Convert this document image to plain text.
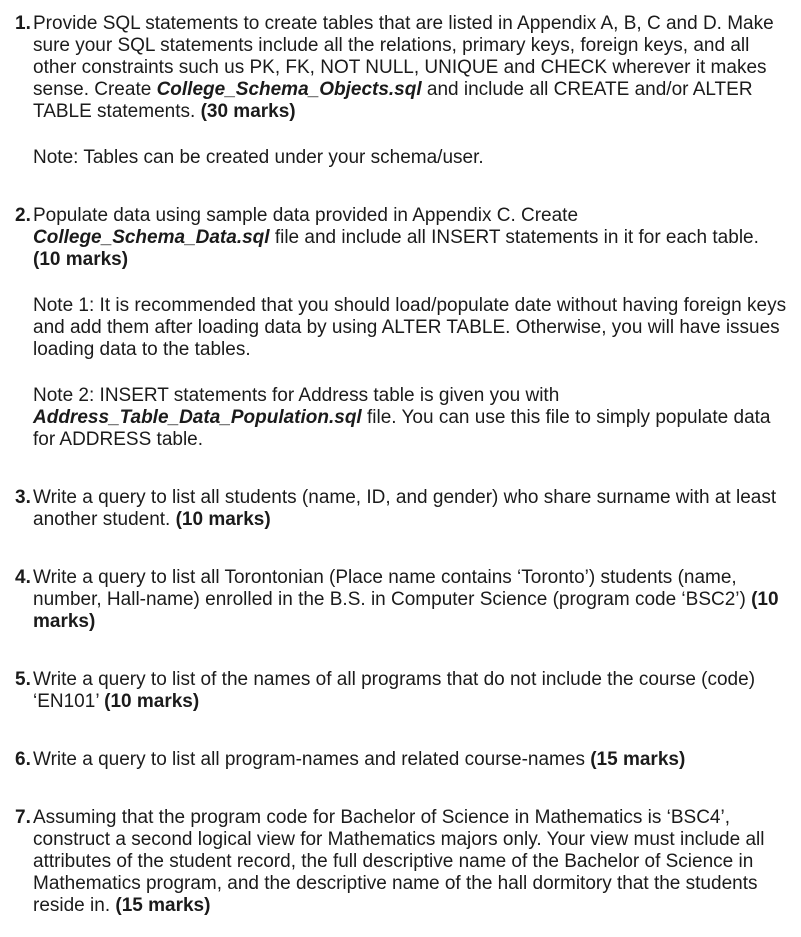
1. Provide SQL statements to create tables that are listed in Appendix A, B, C and D. Make sure your SQL statements include all the relations, primary keys, foreign keys, and all other constraints such us PK, FK, NOT NULL, UNIQUE and CHECK wherever it makes sense. Create College_Schema_Objects.sql and include all CREATE and/or ALTER TABLE statements. (30 marks)

Note: Tables can be created under your schema/user.

2. Populate data using sample data provided in Appendix C. Create College_Schema_Data.sql file and include all INSERT statements in it for each table. (10 marks)

Note 1: It is recommended that you should load/populate date without having foreign keys and add them after loading data by using ALTER TABLE. Otherwise, you will have issues loading data to the tables.

Note 2: INSERT statements for Address table is given you with Address_Table_Data_Population.sql file. You can use this file to simply populate data for ADDRESS table.

3. Write a query to list all students (name, ID, and gender) who share surname with at least another student. (10 marks)

4. Write a query to list all Torontonian (Place name contains ‘Toronto’) students (name, number, Hall-name) enrolled in the B.S. in Computer Science (program code ‘BSC2’) (10 marks)

5. Write a query to list of the names of all programs that do not include the course (code) ‘EN101’ (10 marks)

6. Write a query to list all program-names and related course-names (15 marks)

7. Assuming that the program code for Bachelor of Science in Mathematics is ‘BSC4’, construct a second logical view for Mathematics majors only. Your view must include all attributes of the student record, the full descriptive name of the Bachelor of Science in Mathematics program, and the descriptive name of the hall dormitory that the students reside in. (15 marks)
